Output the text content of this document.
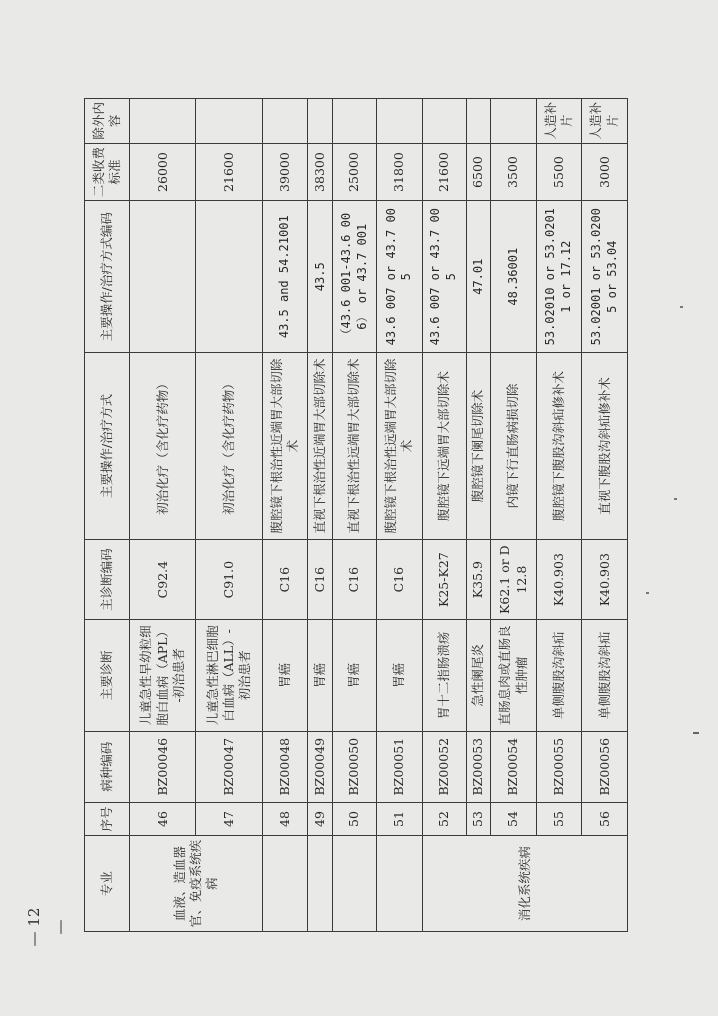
— 12 —
专业	序号	病种编码	主要诊断	主诊断编码	主要操作/治疗方式	主要操作/治疗方式编码	二类收费标准	除外内容
血液、造血器官、免疫系统疾病	46	BZ00046	儿童急性早幼粒细胞白血病（APL）-初治患者	C92.4	初治化疗（含化疗药物）		26000	
	47	BZ00047	儿童急性淋巴细胞白血病（ALL）-初治患者	C91.0	初治化疗（含化疗药物）		21600	
	48	BZ00048	胃癌	C16	腹腔镜下根治性近端胃大部切除术	43.5 and 54.21001	39000	
	49	BZ00049	胃癌	C16	直视下根治性近端胃大部切除术	43.5	38300	
	50	BZ00050	胃癌	C16	直视下根治性远端胃大部切除术	（43.6 001-43.6 006） or 43.7 001	25000	
	51	BZ00051	胃癌	C16	腹腔镜下根治性远端胃大部切除术	43.6 007 or 43.7 005	31800	
消化系统疾病	52	BZ00052	胃十二指肠溃疡	K25-K27	腹腔镜下远端胃大部切除术	43.6 007 or 43.7 005	21600	
	53	BZ00053	急性阑尾炎	K35.9	腹腔镜下阑尾切除术	47.01	6500	
	54	BZ00054	直肠息肉或直肠良性肿瘤	K62.1 or D12.8	内镜下行直肠病损切除	48.36001	3500	
	55	BZ00055	单侧腹股沟斜疝	K40.903	腹腔镜下腹股沟斜疝修补术	53.02010 or 53.02011 or 17.12	5500	人造补片
	56	BZ00056	单侧腹股沟斜疝	K40.903	直视下腹股沟斜疝修补术	53.02001 or 53.02005 or 53.04	3000	人造补片
